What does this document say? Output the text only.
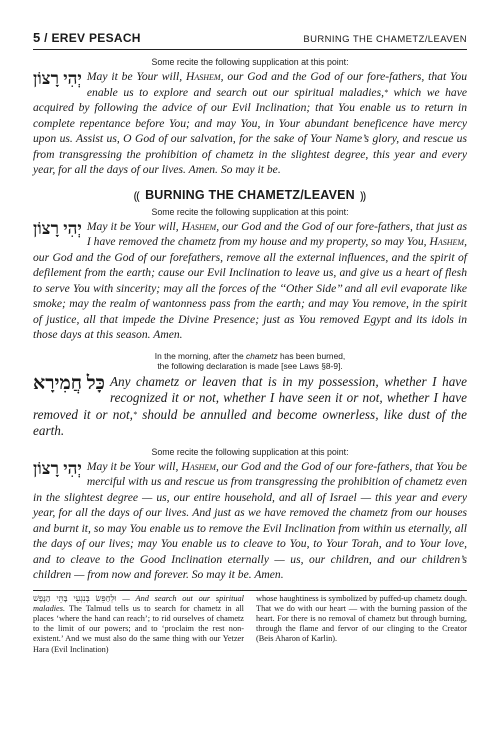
5 / EREV PESACH	BURNING THE CHAMETZ/LEAVEN
Some recite the following supplication at this point:

יְהִי רָצוֹן May it be Your will, Hashem, our God and the God of our fore-fathers, that You enable us to explore and search out our spiritual maladies,* which we have acquired by following the advice of our Evil Inclination; that You enable us to return in complete repentance before You; and may You, in Your abundant beneficence have mercy upon us. Assist us, O God of our salvation, for the sake of Your Name’s glory, and rescue us from transgressing the prohibition of chametz in the slightest degree, this year and every year, for all the days of our lives. Amen. So may it be.

⸨ BURNING THE CHAMETZ/LEAVEN ⸩
Some recite the following supplication at this point:

יְהִי רָצוֹן May it be Your will, Hashem, our God and the God of our fore-fathers, that just as I have removed the chametz from my house and my property, so may You, Hashem, our God and the God of our forefathers, remove all the external influences, and the spirit of defilement from the earth; cause our Evil Inclination to leave us, and give us a heart of flesh to serve You with sincerity; may all the forces of the ‘‘Other Side’’ and all evil evaporate like smoke; may the realm of wantonness pass from the earth; and may You remove, in the spirit of justice, all that impede the Divine Presence; just as You removed Egypt and its idols in those days at this season. Amen.

In the morning, after the chametz has been burned,
the following declaration is made [see Laws §8-9].

כָּל חֲמִירָא Any chametz or leaven that is in my possession, whether I have recognized it or not, whether I have seen it or not, whether I have removed it or not,* should be annulled and become ownerless, like dust of the earth.

Some recite the following supplication at this point:

יְהִי רָצוֹן May it be Your will, Hashem, our God and the God of our fore-fathers, that You be merciful with us and rescue us from transgressing the prohibition of chametz even in the slightest degree — us, our entire household, and all of Israel — this year and every year, for all the days of our lives. And just as we have removed the chametz from our houses and burnt it, so may You enable us to remove the Evil Inclination from within us eternally, all the days of our lives; may You enable us to cleave to You, to Your Torah, and to Your love, and to cleave to the Good Inclination eternally — us, our children, and our children’s children — from now and forever. So may it be. Amen.

וּלְחַפֵּשׂ בְּנִגְעֵי בָּתֵּי הַנֶּפֶשׁ — And search out our spiritual maladies. The Talmud tells us to search for chametz in all places ‘where the hand can reach’; to rid ourselves of chametz to the limit of our powers; and to ‘proclaim the rest non-existent.’ And we must also do the same thing with our Yetzer Hara (Evil Inclination)
whose haughtiness is symbolized by puffed-up chametz dough. That we do with our heart — with the burning passion of the heart. For there is no removal of chametz but through burning, through the flame and fervor of our clinging to the Creator (Beis Aharon of Karlin).
